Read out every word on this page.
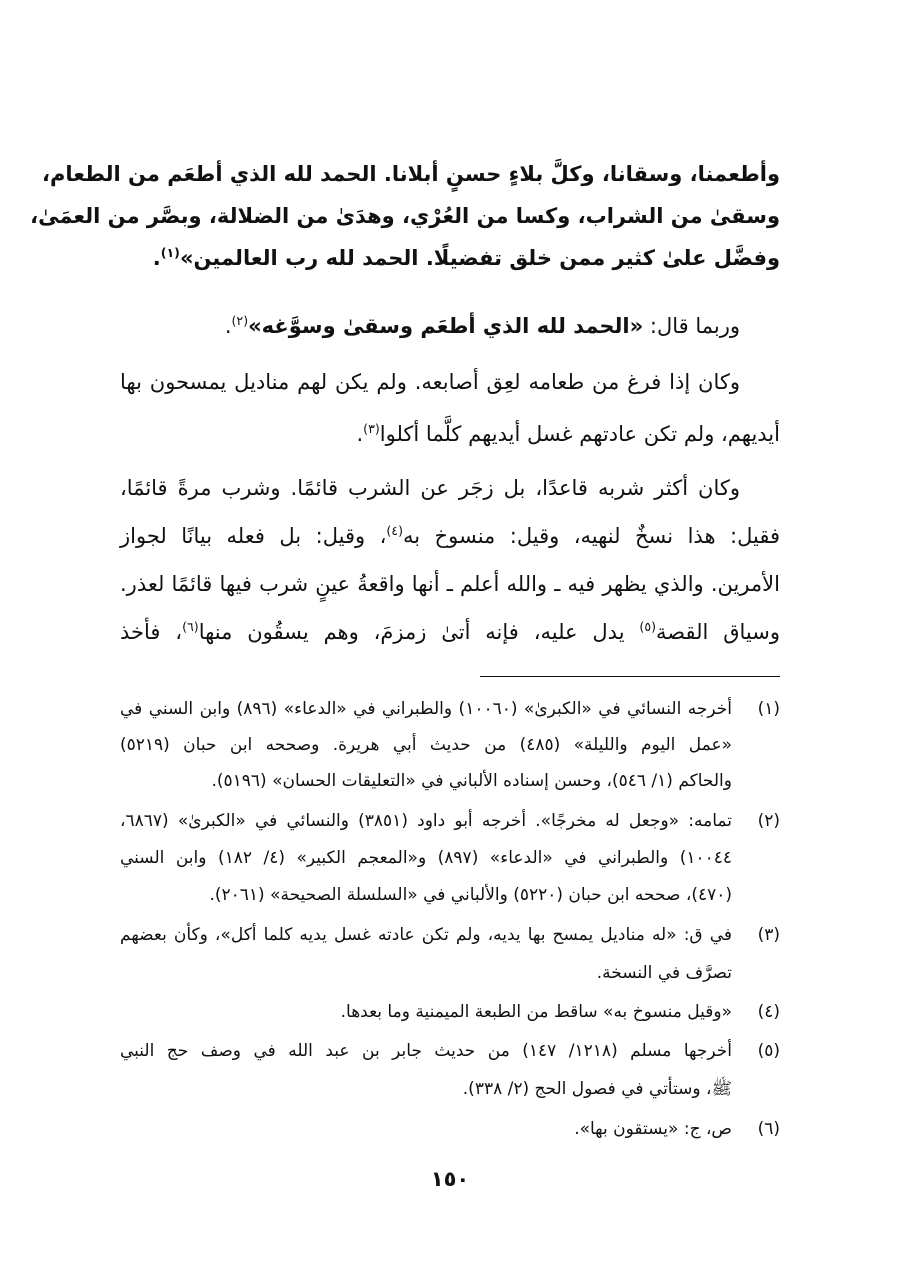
وأطعمنا، وسقانا، وكلَّ بلاءٍ حسنٍ أبلانا. الحمد لله الذي أطعَم من الطعام،
وسقىٰ من الشراب، وكسا من العُرْي، وهدَىٰ من الضلالة، وبصَّر من العمَىٰ،
وفضَّل علىٰ كثير ممن خلق تفضيلًا. الحمد لله رب العالمين»$^{(١)}$.
وربما قال: «الحمد لله الذي أطعَم وسقىٰ وسوَّغه»$^{(٢)}$.
وكان إذا فرغ من طعامه لعِق أصابعه. ولم يكن لهم مناديل يمسحون بها
أيديهم، ولم تكن عادتهم غسل أيديهم كلَّما أكلوا$^{(٣)}$.
وكان أكثر شربه قاعدًا، بل زجَر عن الشرب قائمًا. وشرب مرةً قائمًا،
فقيل: هذا نسخٌ لنهيه، وقيل: منسوخ به$^{(٤)}$، وقيل: بل فعله بيانًا لجواز
الأمرين. والذي يظهر فيه ـ والله أعلم ـ أنها واقعةُ عينٍ شرب فيها قائمًا لعذر.
وسياق القصة$^{(٥)}$ يدل عليه، فإنه أتىٰ زمزمَ، وهم يسقُون منها$^{(٦)}$، فأخذ
(١)
أخرجه النسائي في «الكبرىٰ» (١٠٠٦٠) والطبراني في «الدعاء» (٨٩٦) وابن السني في
«عمل اليوم والليلة» (٤٨٥) من حديث أبي هريرة. وصححه ابن حبان (٥٢١٩)
والحاكم (١/ ٥٤٦)، وحسن إسناده الألباني في «التعليقات الحسان» (٥١٩٦).
(٢)
تمامه: «وجعل له مخرجًا». أخرجه أبو داود (٣٨٥١) والنسائي في «الكبرىٰ» (٦٨٦٧،
١٠٠٤٤) والطبراني في «الدعاء» (٨٩٧) و«المعجم الكبير» (٤/ ١٨٢) وابن السني
(٤٧٠)، صححه ابن حبان (٥٢٢٠) والألباني في «السلسلة الصحيحة» (٢٠٦١).
(٣)
في ق: «له مناديل يمسح بها يديه، ولم تكن عادته غسل يديه كلما أكل»، وكأن بعضهم
تصرَّف في النسخة.
(٤)
«وقيل منسوخ به» ساقط من الطبعة الميمنية وما بعدها.
(٥)
أخرجها مسلم (١٢١٨/ ١٤٧) من حديث جابر بن عبد الله في وصف حج النبي
ﷺ، وستأتي في فصول الحج (٢/ ٣٣٨).
(٦)
ص، ج: «يستقون بها».
١٥٠
